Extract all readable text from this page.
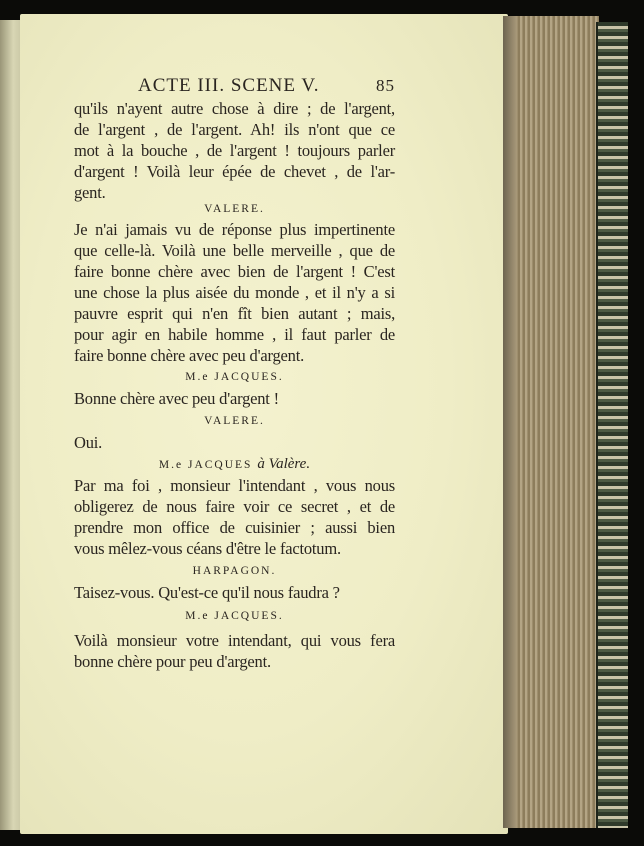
ACTE III. SCENE V.	85
qu'ils n'ayent autre chose à dire ; de l'argent,
de l'argent , de l'argent. Ah! ils n'ont que ce
mot à la bouche , de l'argent ! toujours parler
d'argent ! Voilà leur épée de chevet , de l'ar-
gent.
VALERE.
Je n'ai jamais vu de réponse plus impertinente
que celle-là. Voilà une belle merveille , que de
faire bonne chère avec bien de l'argent ! C'est
une chose la plus aisée du monde , et il n'y a si
pauvre esprit qui n'en fît bien autant ; mais,
pour agir en habile homme , il faut parler de
faire bonne chère avec peu d'argent.
M.e JACQUES.
Bonne chère avec peu d'argent !
VALERE.
Oui.
M.e JACQUES à Valère.
Par ma foi , monsieur l'intendant , vous nous
obligerez de nous faire voir ce secret , et de
prendre mon office de cuisinier ; aussi bien
vous mêlez-vous céans d'être le factotum.
HARPAGON.
Taisez-vous. Qu'est-ce qu'il nous faudra ?
M.e JACQUES.
Voilà monsieur votre intendant, qui vous fera
bonne chère pour peu d'argent.
